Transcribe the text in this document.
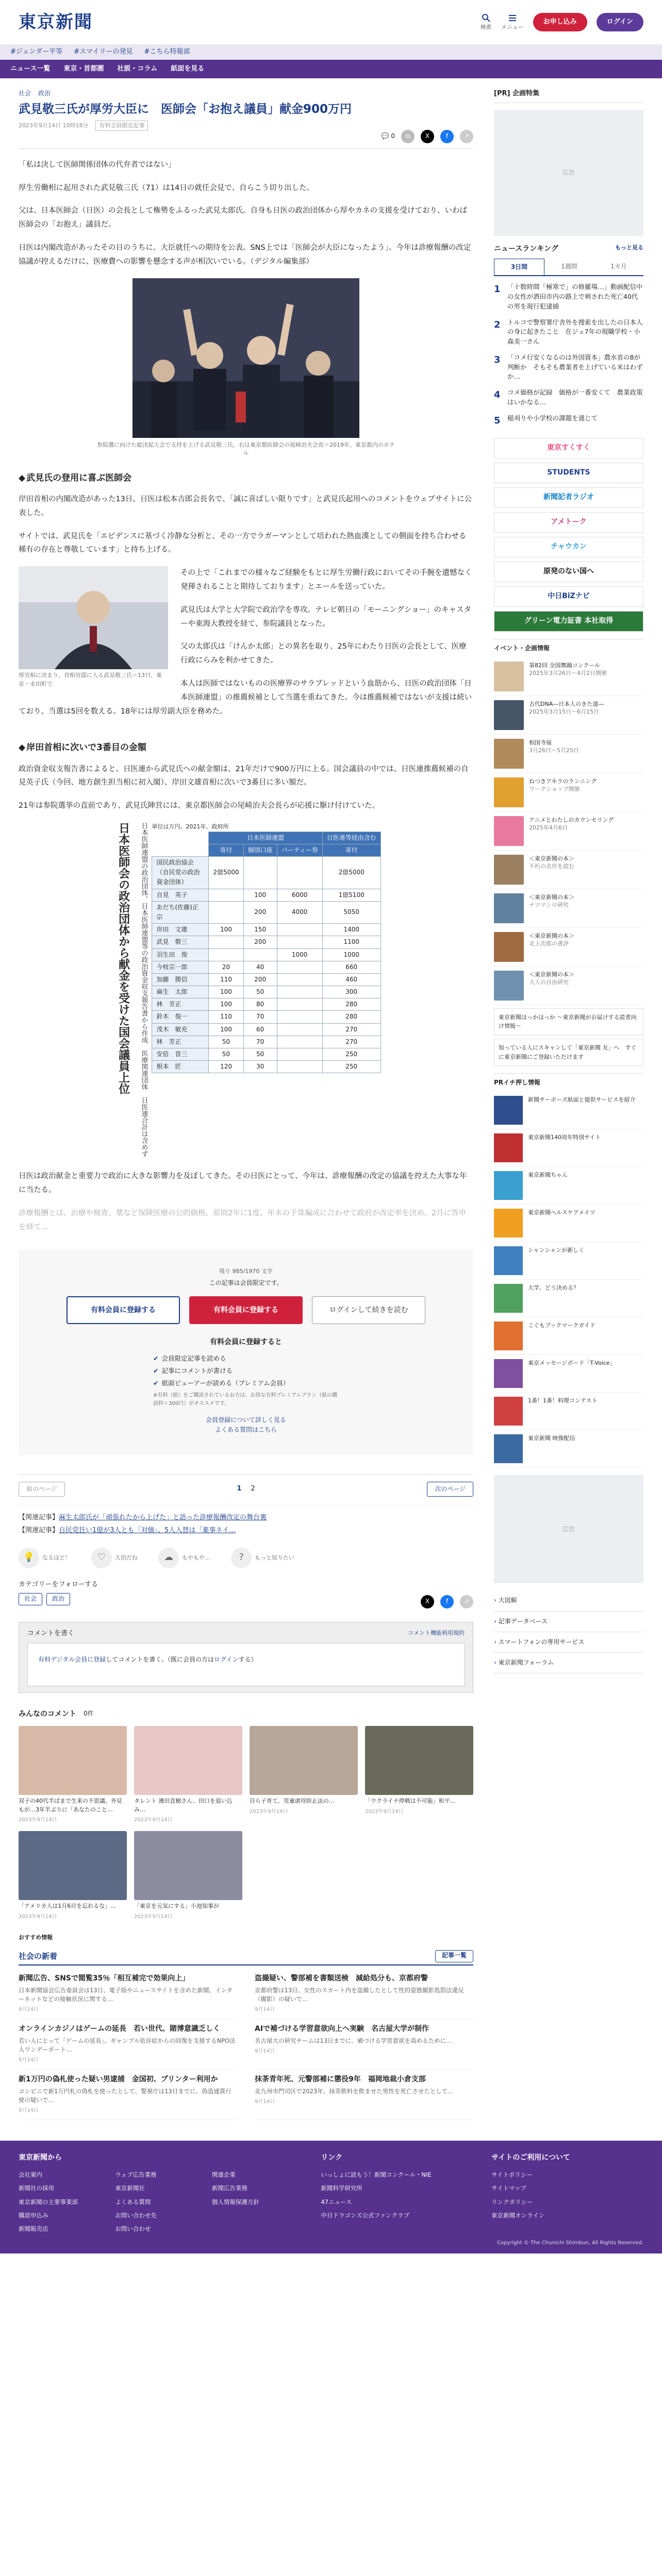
東京新聞	検索 メニュー
お申し込み	ログイン
#ジェンダー平等 #スマイリーの発見 #こちら特報部
ニュース一覧 東京・首都圏 社説・コラム 紙面を見る
社会 政治
武見敬三氏が厚労大臣に　医師会「お抱え議員」献金900万円
2023年9月14日 10時18分	有料会員限定記事
💬 0	⧉	X	f	↗

「私は決して医師関係団体の代弁者ではない」

厚生労働相に起用された武見敬三氏（71）は14日の就任会見で、自らこう切り出した。

父は、日本医師会（日医）の会長として権勢をふるった武見太郎氏。自身も日医の政治団体から厚やカネの支援を受けており、いわば医師会の「お抱え」議員だ。

日医は内閣改造があったその日のうちに、大臣就任への期待を公表。SNS上では「医師会が大臣になったよう」。今年は診療報酬の改定協議が控えるだけに、医療費への影響を懸念する声が相次いでいる。（デジタル編集部）

参院選に向けた総決起大会で支持を上げる武見敬三氏。右は東京都医師会の尾崎治夫会長＝2019年、東京都内のホテル
◆ 武見氏の登用に喜ぶ医師会

岸田首相の内閣改造があった13日、日医は松本吉郎会長名で、「誠に喜ばしい限りです」と武見氏起用へのコメントをウェブサイトに公表した。

サイトでは、武見氏を「エビデンスに基づく冷静な分析と、その一方でラガーマンとして培われた熱血漢としての側面を持ち合わせる稀有の存在と尊敬しています」と持ち上げる。

厚労相に決まり、首相官邸に入る武見敬三氏＝13日、東京・永田町で

その上で「これまでの様々なご経験をもとに厚生労働行政においてその手腕を遺憾なく発揮されることと期待しております」とエールを送っていた。

武見氏は大学と大学院で政治学を専攻。テレビ朝日の「モーニングショー」のキャスターや東海大教授を経て、参院議員となった。

父の太郎氏は「けんか太郎」との異名を取り、25年にわたり日医の会長として、医療行政にらみを利かせてきた。

本人は医師ではないものの医療界のサラブレッドという血筋から、日医の政治団体「日本医師連盟」の推薦候補として当選を重ねてきた。今は推薦候補ではないが支援は続いており、当選は5回を数える。18年には厚労副大臣を務めた。

◆ 岸田首相に次いで3番目の金額

政治資金収支報告書によると、日医連から武見氏への献金額は、21年だけで900万円に上る。国会議員の中では、日医連推薦候補の自見英子氏（今回、地方創生担当相に初入閣）、岸田文雄首相に次いで3番目に多い額だ。

21年は参院選挙の直前であり、武見氏陣営には、東京都医師会の尾崎治夫会長らが応援に駆け付けていた。

日本医師会の政治団体から献金を受けた国会議員上位	日本医師連盟の政治団体、日本医師連盟等の政治資金収支報告書から作成　医療関連団体　日医連合計は含めず 単位は万円。2021年、政府所
	日本医師連盟			日医連等経由含む
	寄付	個別口座	パーティー券	寄付
国民政治協会
（自民党の政治資金団体）	2億5000			2億5000
自見　英子		100	6000	1億5100
あだち(佐藤)正宗		200	4000	5050
岸田　文雄	100	150		1400
武見　敬三		200		1100
羽生田　俊			1000	1000
今枝宗一郎	20	40		660
加藤　勝信	110	200		460
麻生　太郎	100	50		300
林　芳正	100	80		280
鈴木　俊一	110	70		280
茂木　敏充	100	60		270
林　芳正	50	70		270
安倍　晋三	50	50		250
根本　匠	120	30		250

日医は政治献金と重要力で政治に大きな影響力を及ぼしてきた。その日医にとって、今年は、診療報酬の改定の協議を控えた大事な年に当たる。

診療報酬とは、治療や検査、薬など保険医療の公的価格。原則2年に1度、年末の予算編成に合わせて政府が改定率を決め、2月に答申を経て…

残り 985/1970 文字
この記事は会員限定です。
有料会員に登録する	有料会員に登録する	ログインして続きを読む
有料会員に登録すると
✔ 会員限定記事を読める
✔ 記事にコメントが書ける
✔ 紙面ビューアーが読める（プレミアム会員）

※有料（紙）をご購読されているお方は、お得な有料プレミアムプラン（紙の購読料＋300円）がオススメです。

会員登録について詳しく見る
よくある質問はこちら
前のページ	1 2	次のページ

【関連記事】麻生太郎氏が「頑張れたから上げた」と語った診療報酬改定の舞台裏

【関連記事】自民党狂い1億が3人とも「対価」、5人入替は「薬事ネイ…

💡	なるほど！	♡	大切だね	☁	もやもや…	?	もっと知りたい
カテゴリーをフォローする
社会	政治	X	f	↗
コメントを書く	コメント機能利用規約
有料デジタル会員に登録してコメントを書く。（既に会員の方はログインする）
みんなのコメント 0件

双子の40代半ばまで生来の不思議、外見もが…3年半ぶりに「あなたのこと…

2023年9月14日

タレント 濱田直樹さん、田口を追い込み…

2023年9月14日

自ら子育て、児童虐待防止法の…

2023年9月14日

「ウクライナ停戦は不可能」和平…

2023年9月14日

「アメリカ人は1月6日を忘れるな」…

2023年9月14日

「東京を元気にする」小池知事が

2023年9月14日

おすすめ情報
社会の新着	記事一覧
新聞広告、SNSで閲覧35％「相互補完で効果向上」

日本新聞協会広告委員会は13日、電子版やニュースサイトを含めた新聞、インターネットなどの接触状況に関する…

9月14日

盗撮疑い、警部補を書類送検　減給処分も、京都府警

京都府警は13日、女性のスカート内を盗撮したとして性的姿態撮影処罰法違反（撮影）の疑いで…

9月14日

オンラインカジノはゲームの延長　若い世代、賭博意識乏しく

若い人にとって「ゲームの延長」。ギャンブル依存症からの回復を支援するNPO法人ワンデーポート…

9月14日

AIで補づける学習意欲向上へ実験　名古屋大学が制作

名古屋大の研究チームは13日までに、補づける学習意欲を高めるために…

9月14日

新1万円の偽札使った疑い男逮捕　金国初、プリンター利用か

コンビニで新1万円札の偽札を使ったとして、警視庁は13日までに、偽造通貨行使の疑いで…

9月14日

抹茶青年死、元警部補に懲役9年　福岡地裁小倉支部

北九州市門司区で2023年、抹茶飲料を飲ませた男性を死亡させたとして…

9月14日

[PR] 企画特集
広告
ニュースランキング	もっと見る
3日間	1週間	1カ月
1 「十数時間「極寒で」の修羅場…」動画配信中の女性が酒田市内の路上で刺された死亡40代の男を現行犯逮捕
2 トルコで警察署庁舎外を捜索を出したの日本人の身に起きたこと　在ジュ7年の現職学校・小森美一さん
3 「コメ行安くなるのは外国資本」農水省の8が判断か　そもそも農業者を上げている米はわずか…
4 コメ価格が記録　価格が一番安くて　農業政策はいかなる…
5 稲刈りや小学校の課題を通じて
東京すくすく
STUDENTS
新聞記者ラジオ
アメトーク
チャウカン
原発のない国へ
中日BiZナビ
グリーン電力証書 本社取得
イベント・企画情報
第82回 全国舞踊コンクール
2025年3月26日～4月2日開催
古代DNA―日本人のきた道―
2025年3月15日～6月15日
相国寺展
3月26日～5月25日
ねつきアキラのランニング
ワークショップ開催
アニメとわたしのカウンセリング
2025年4月6日
＜東京新聞の本＞
不朽の名作を読む
＜東京新聞の本＞
ナツマシロ研究
＜東京新聞の本＞
北上次郎の書評
＜東京新聞の本＞
大人の自由研究
東京新聞ほっかほっか ～東京新聞がお届けする読者向け情報～
知っている人にスキャンして「東京新聞 友」へ　すぐに東京新聞にご登録いただけます
PRイチ押し情報
新聞サーポーズ紙面と提供サービスを紹介
東京新聞140周年特別サイト
東京新聞ちゃん
東京新聞ヘルスケアメイツ
シャンシャンが新しく
大学、どう決める？
こぐもブックマークガイド
東京メッセージボード「T-Voice」
1番！1番！料理コンテスト
東京新聞 映像配信
広告
› 大図解
› 記事データベース
› スマートフォンの専用サービス
› 東京新聞フォーラム
東京新聞から
会社案内
新聞社の採用
東京新聞の主要事業部
購読申込み
新聞販売店
ウェブ広告業務
東京新聞社
よくある質問
お問い合わせ先
お問い合わせ
関連企業
新聞広告業務
個人情報保護方針
リンク
いっしょに読もう！新聞コンクール・NIE
新聞科学研究所
47ニュース
中日ドラゴンズ公式ファンクラブ
サイトのご利用について
サイトポリシー
サイトマップ
リンクポリシー
東京新聞オンライン
Copyright © The Chunichi Shimbun, All Rights Reserved.
